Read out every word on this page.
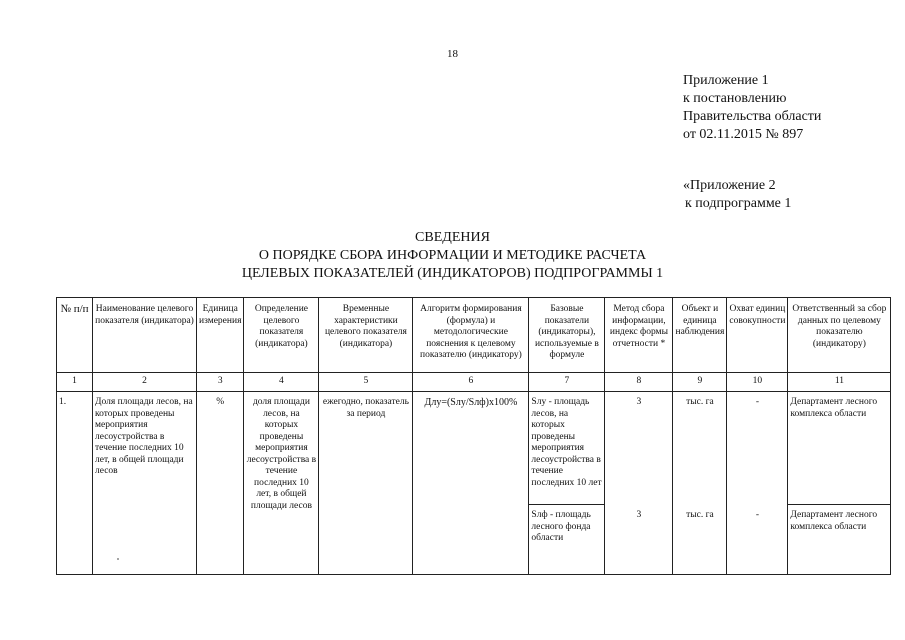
18
Приложение 1
к постановлению
Правительства области
от 02.11.2015 № 897
«Приложение 2
к подпрограмме 1
СВЕДЕНИЯ
О ПОРЯДКЕ СБОРА ИНФОРМАЦИИ И МЕТОДИКЕ РАСЧЕТА
ЦЕЛЕВЫХ ПОКАЗАТЕЛЕЙ (ИНДИКАТОРОВ) ПОДПРОГРАММЫ 1
№ п/п	Наименование целевого показателя (индикатора)	Единица измерения	Определение целевого показателя (индикатора)	Временные характеристики целевого показателя (индикатора)	Алгоритм формирования (формула) и методологические пояснения к целевому показателю (индикатору)	Базовые показатели (индикаторы), используемые в формуле	Метод сбора информации, индекс формы отчетности *	Объект и единица наблюдения	Охват единиц совокупности	Ответственный за сбор данных по целевому показателю (индикатору)
1	2	3	4	5	6	7	8	9	10	11
1.	Доля площади лесов, на которых проведены мероприятия лесоустройства в течение последних 10 лет, в общей площади лесов	%	доля площади лесов, на которых проведены мероприятия лесоустройства в течение последних 10 лет, в общей площади лесов	ежегодно, показатель за период	Длу=(Sлу/Sлф)x100%	Sлу - площадь лесов, на которых проведены мероприятия лесоустройства в течение последних 10 лет	3	тыс. га	-	Департамент лесного комплекса области
						Sлф - площадь лесного фонда области	3	тыс. га	-	Департамент лесного комплекса области
